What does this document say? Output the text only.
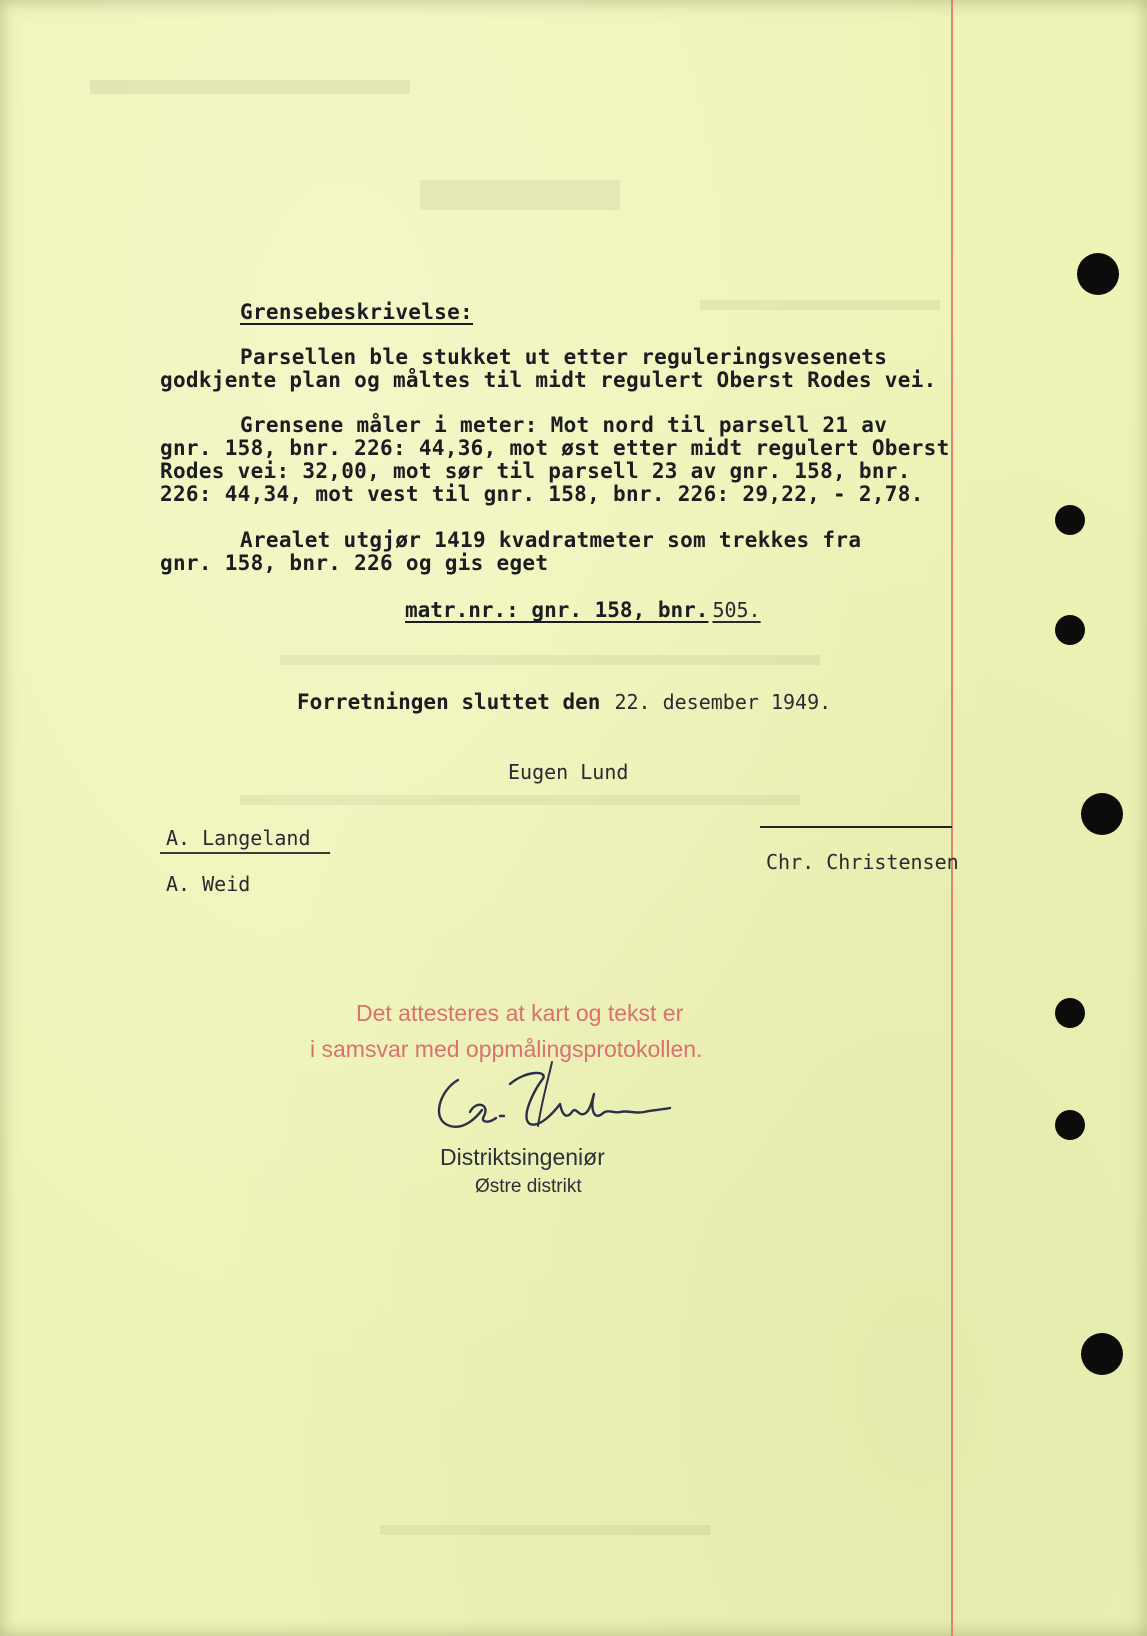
Grensebeskrivelse:
Parsellen ble stukket ut etter reguleringsvesenets
godkjente plan og måltes til midt regulert Oberst Rodes vei.
Grensene måler i meter: Mot nord til parsell 21 av
gnr. 158, bnr. 226: 44,36, mot øst etter midt regulert Oberst
Rodes vei: 32,00, mot sør til parsell 23 av gnr. 158, bnr.
226: 44,34, mot vest til gnr. 158, bnr. 226: 29,22, - 2,78.
Arealet utgjør 1419 kvadratmeter som trekkes fra
gnr. 158, bnr. 226 og gis eget
matr.nr.: gnr. 158, bnr. 505.
Forretningen sluttet den 22. desember 1949.
Eugen Lund
A. Langeland
A. Weid
Chr. Christensen
Det attesteres at kart og tekst er
i samsvar med oppmålingsprotokollen.
Distriktsingeniør
Østre distrikt
